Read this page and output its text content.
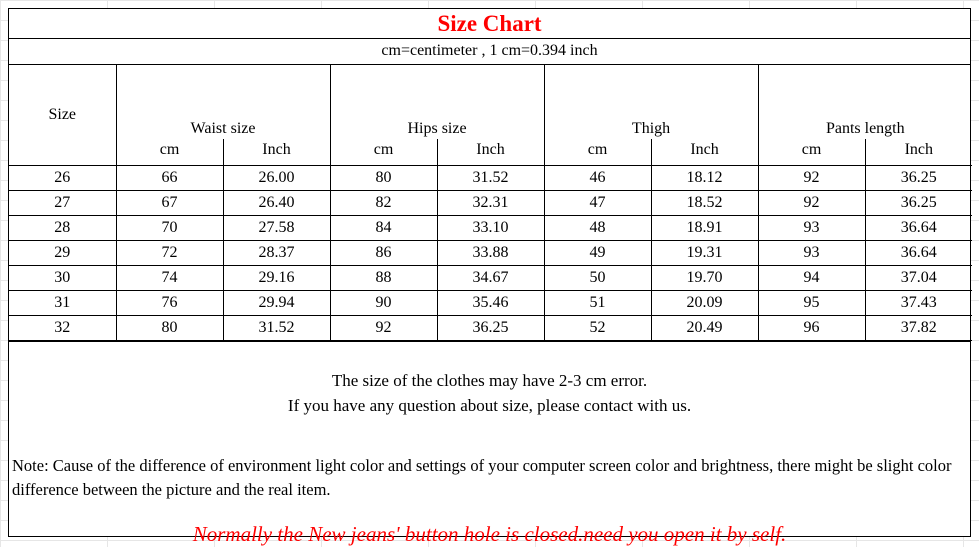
Size Chart
cm=centimeter , 1 cm=0.394 inch
Size	Waist size		Hips size		Thigh		Pants length	
	cm	Inch	cm	Inch	cm	Inch	cm	Inch
26	66	26.00	80	31.52	46	18.12	92	36.25
27	67	26.40	82	32.31	47	18.52	92	36.25
28	70	27.58	84	33.10	48	18.91	93	36.64
29	72	28.37	86	33.88	49	19.31	93	36.64
30	74	29.16	88	34.67	50	19.70	94	37.04
31	76	29.94	90	35.46	51	20.09	95	37.43
32	80	31.52	92	36.25	52	20.49	96	37.82
The size of the clothes may have 2-3 cm error.
If you have any question about size, please contact with us.
Note: Cause of the difference of environment light color and settings of your computer screen color and brightness, there might be slight color difference between the picture and the real item.
Normally the New jeans' button hole is closed.need you open it by self.
